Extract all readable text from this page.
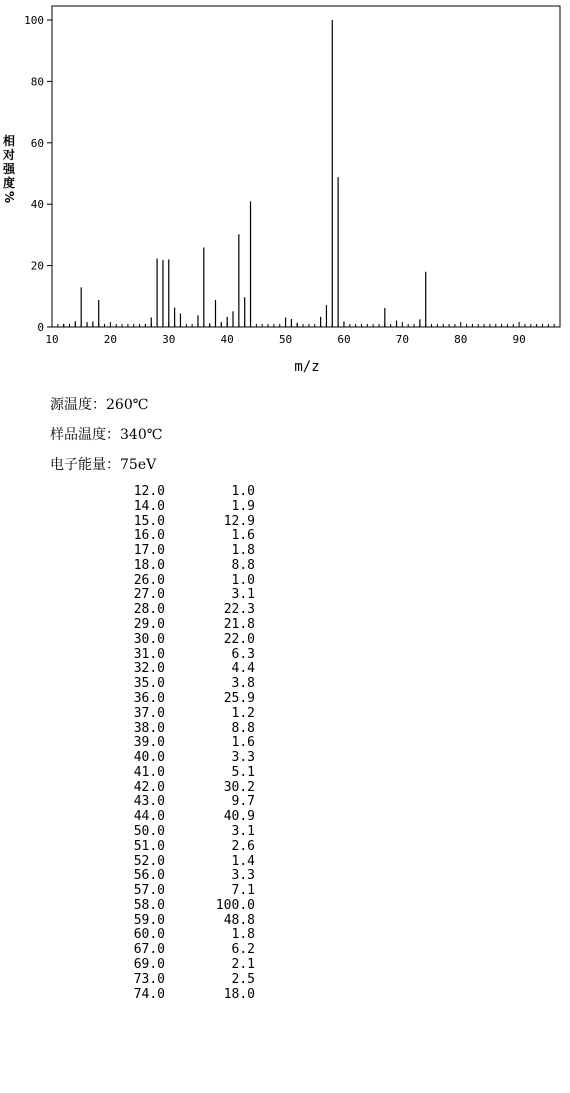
0
20
40
60
80
100
10	20	30	40	50	60	70	80	90
m/z
相
对
强
度
%
源温度：260℃
样品温度：340℃
电子能量：75eV
12.0	1.0
14.0	1.9
15.0	12.9
16.0	1.6
17.0	1.8
18.0	8.8
26.0	1.0
27.0	3.1
28.0	22.3
29.0	21.8
30.0	22.0
31.0	6.3
32.0	4.4
35.0	3.8
36.0	25.9
37.0	1.2
38.0	8.8
39.0	1.6
40.0	3.3
41.0	5.1
42.0	30.2
43.0	9.7
44.0	40.9
50.0	3.1
51.0	2.6
52.0	1.4
56.0	3.3
57.0	7.1
58.0	100.0
59.0	48.8
60.0	1.8
67.0	6.2
69.0	2.1
73.0	2.5
74.0	18.0
